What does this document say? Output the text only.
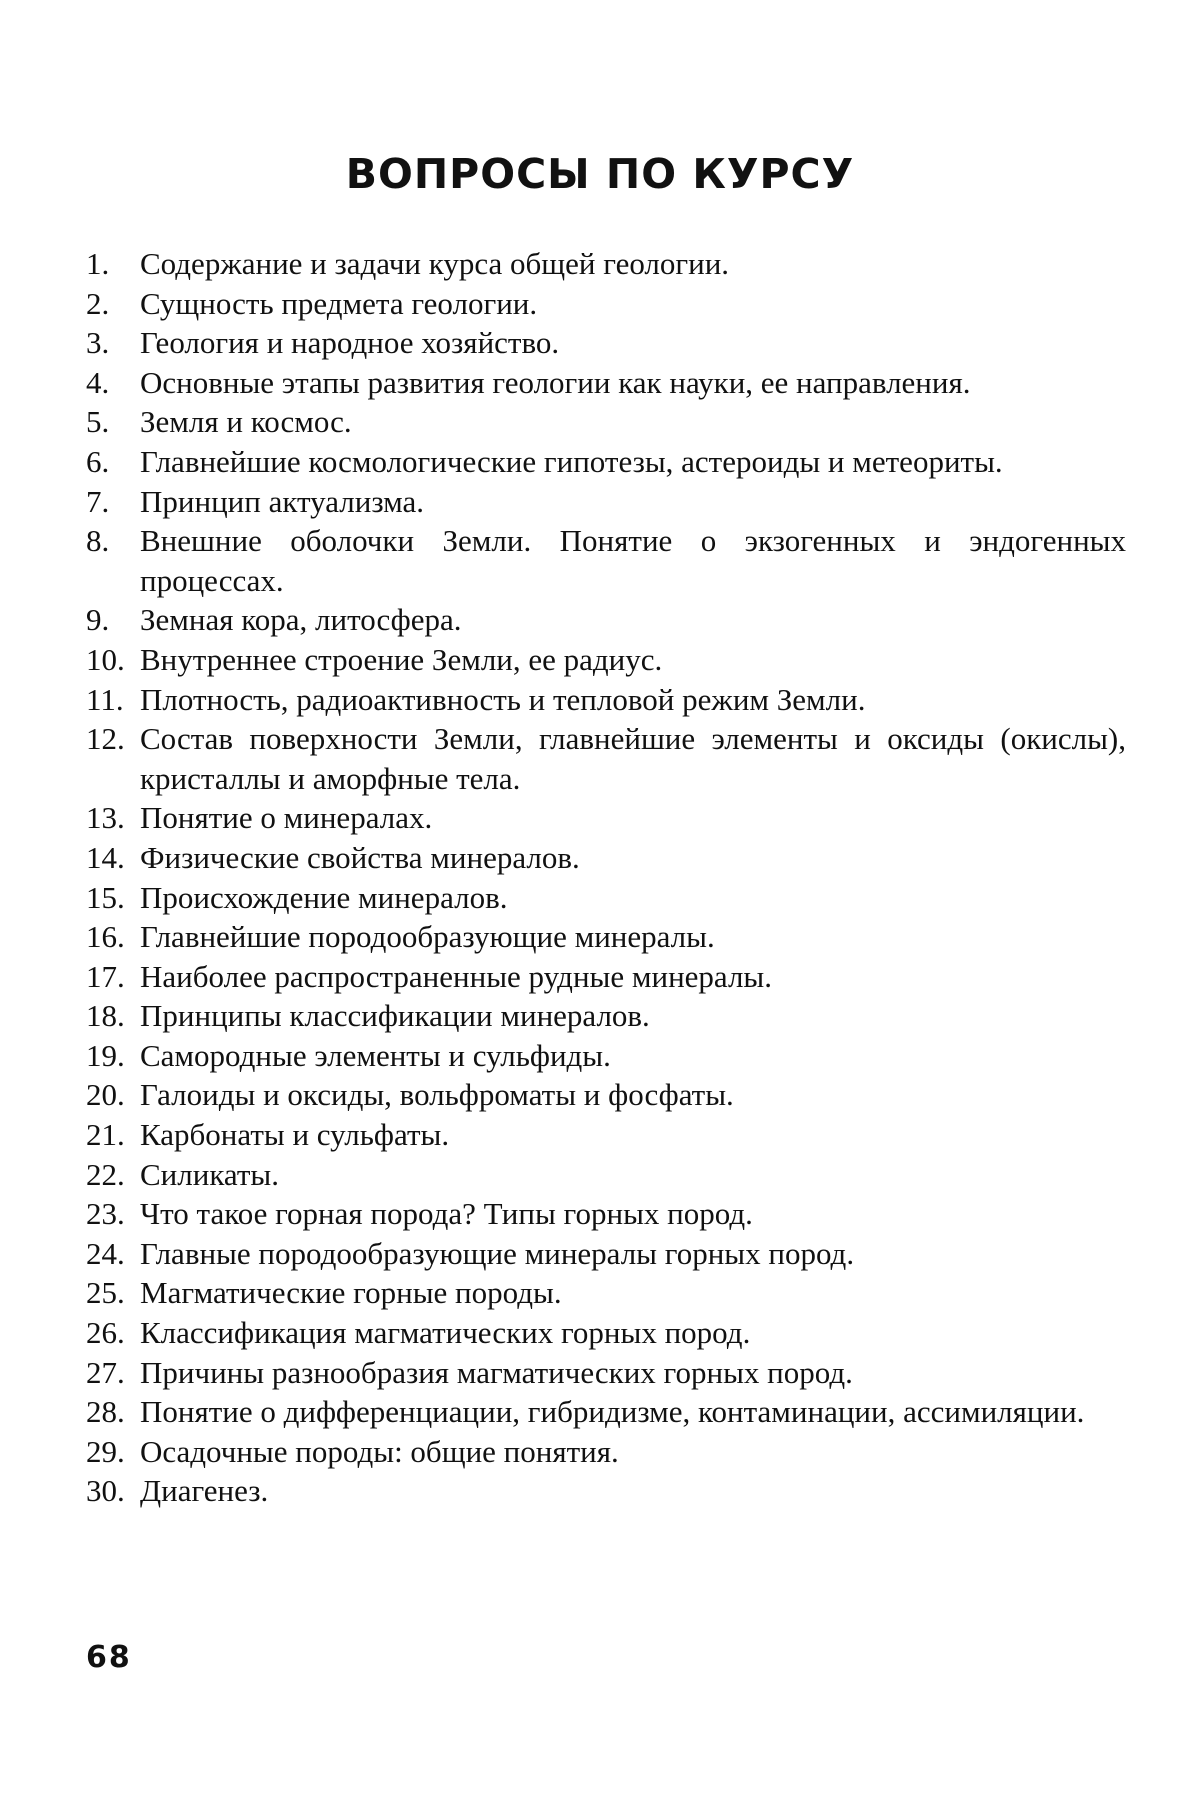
ВОПРОСЫ ПО КУРСУ
1. Содержание и задачи курса общей геологии.
2. Сущность предмета геологии.
3. Геология и народное хозяйство.
4. Основные этапы развития геологии как науки, ее направления.
5. Земля и космос.
6. Главнейшие космологические гипотезы, астероиды и метеориты.
7. Принцип актуализма.
8. Внешние оболочки Земли. Понятие о экзогенных и эндогенных процессах.
9. Земная кора, литосфера.
10. Внутреннее строение Земли, ее радиус.
11. Плотность, радиоактивность и тепловой режим Земли.
12. Состав поверхности Земли, главнейшие элементы и оксиды (окислы), кристаллы и аморфные тела.
13. Понятие о минералах.
14. Физические свойства минералов.
15. Происхождение минералов.
16. Главнейшие породообразующие минералы.
17. Наиболее распространенные рудные минералы.
18. Принципы классификации минералов.
19. Самородные элементы и сульфиды.
20. Галоиды и оксиды, вольфроматы и фосфаты.
21. Карбонаты и сульфаты.
22. Силикаты.
23. Что такое горная порода? Типы горных пород.
24. Главные породообразующие минералы горных пород.
25. Магматические горные породы.
26. Классификация магматических горных пород.
27. Причины разнообразия магматических горных пород.
28. Понятие о дифференциации, гибридизме, контаминации, ассимиляции.
29. Осадочные породы: общие понятия.
30. Диагенез.
68
